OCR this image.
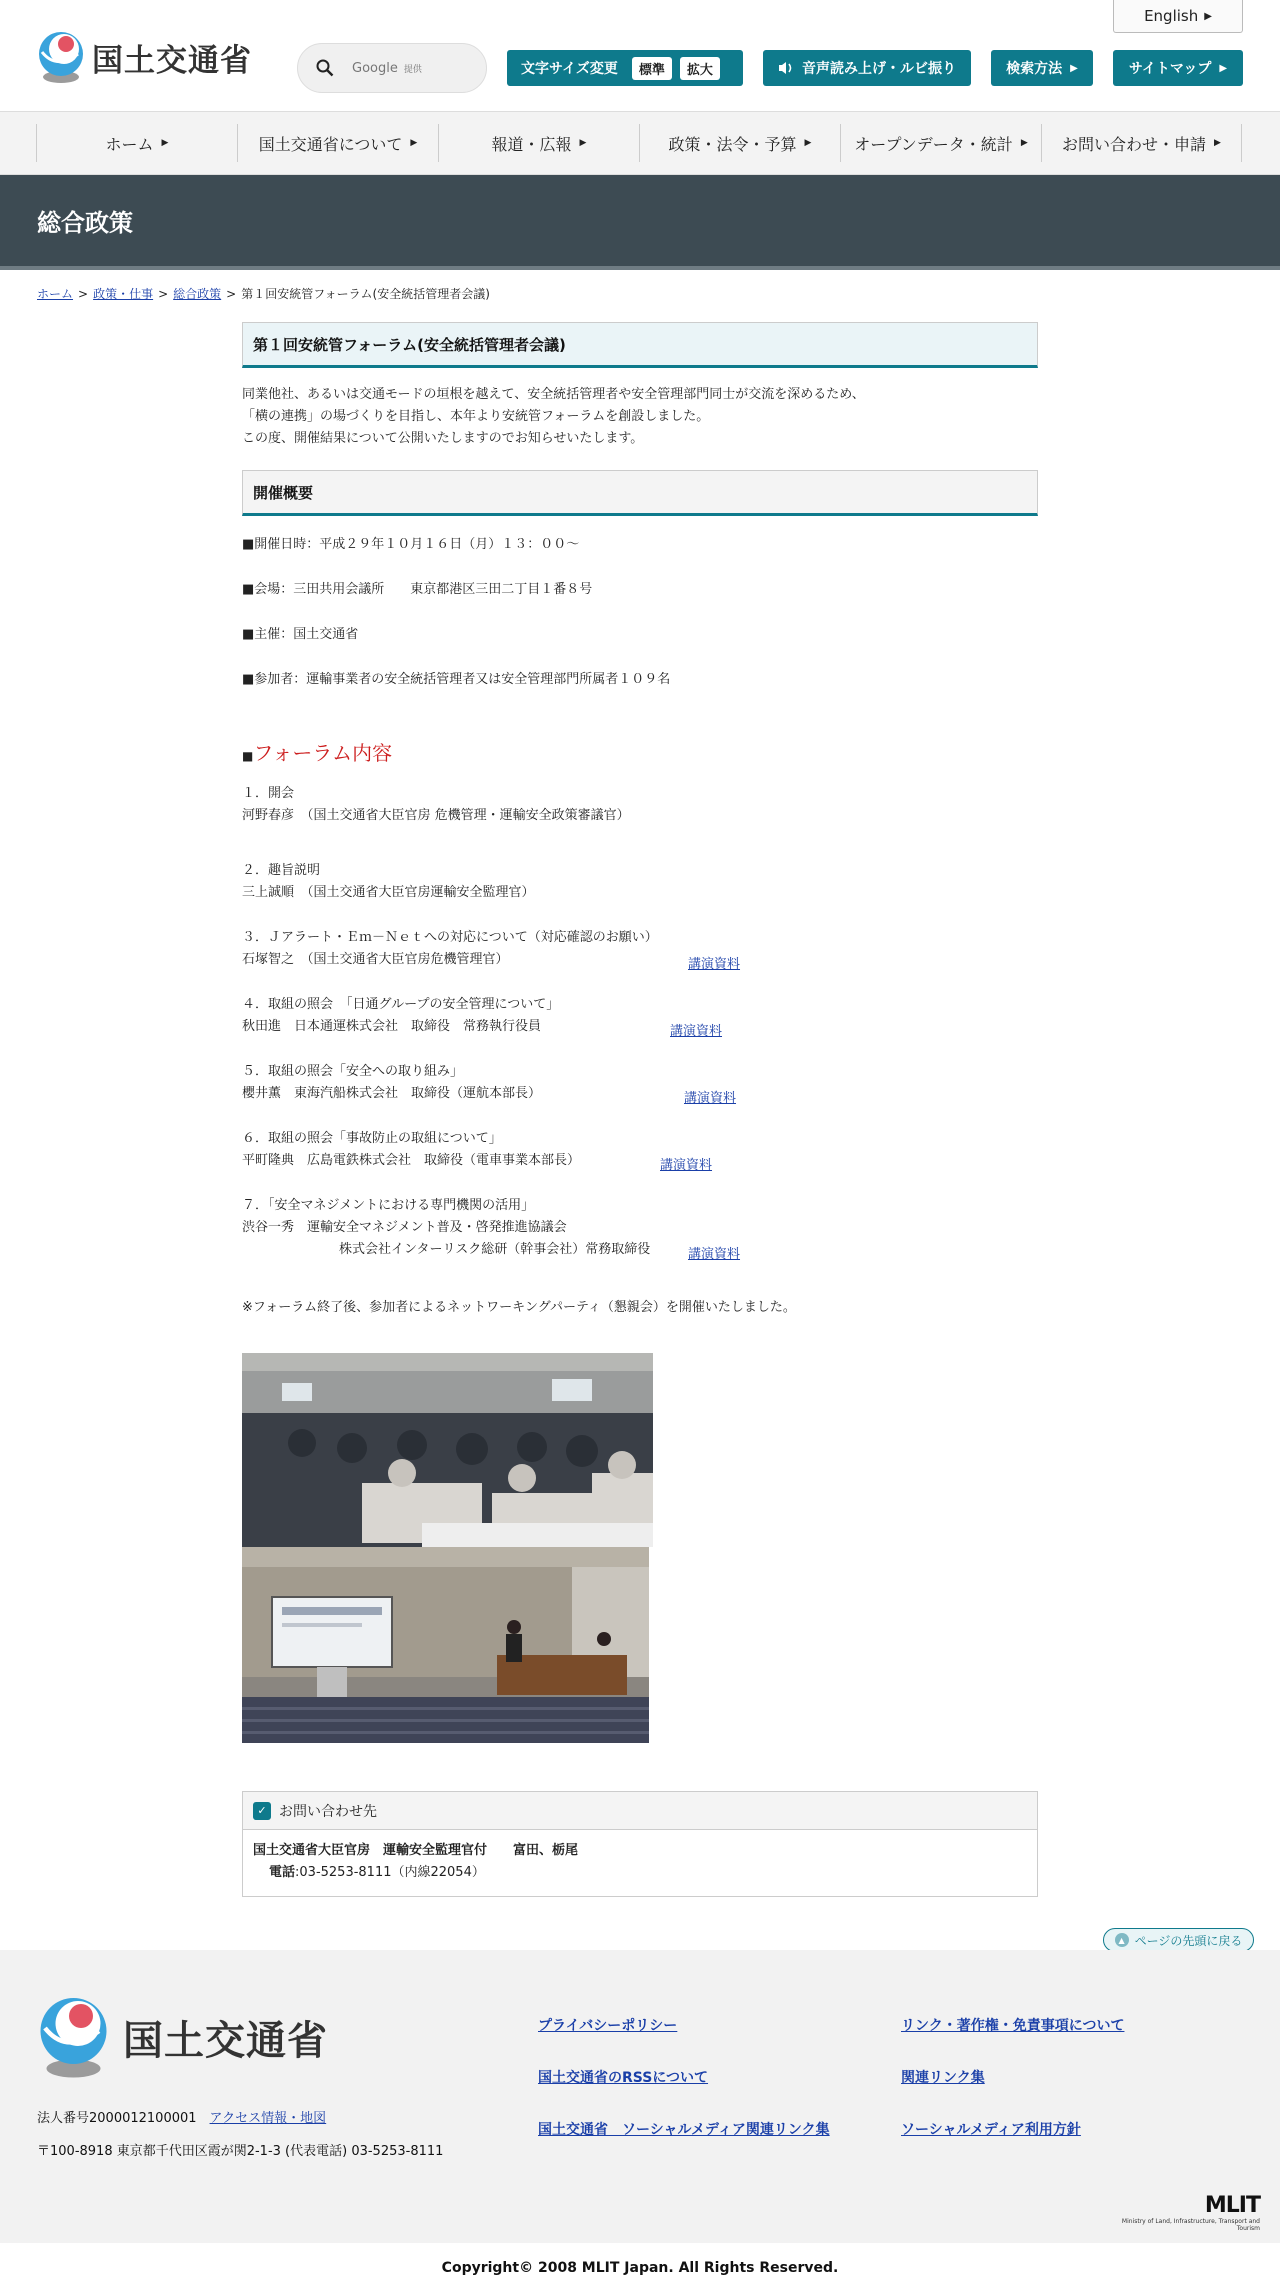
国土交通省
English ▶
Google 提供	文字サイズ変更	標準	拡大	音声読み上げ・ルビ振り	検索方法 ▶	サイトマップ ▶
ホーム ▶	国土交通省について ▶	報道・広報 ▶	政策・法令・予算 ▶	オープンデータ・統計 ▶ お問い合わせ・申請 ▶
総合政策
ホーム > 政策・仕事 > 総合政策 > 第１回安統管フォーラム(安全統括管理者会議)
第１回安統管フォーラム(安全統括管理者会議)
同業他社、あるいは交通モードの垣根を越えて、安全統括管理者や安全管理部門同士が交流を深めるため、
「横の連携」の場づくりを目指し、本年より安統管フォーラムを創設しました。
この度、開催結果について公開いたしますのでお知らせいたします。
開催概要
■開催日時：平成２９年１０月１６日（月）１３：００～
■会場：三田共用会議所　　東京都港区三田二丁目１番８号
■主催：国土交通省
■参加者：運輸事業者の安全統括管理者又は安全管理部門所属者１０９名
■フォーラム内容
１．開会
河野春彦　（国土交通省大臣官房 危機管理・運輸安全政策審議官）
２．趣旨説明
三上誠順　（国土交通省大臣官房運輸安全監理官）
３．Ｊアラート・Ｅｍ－Ｎｅｔへの対応について（対応確認のお願い）
石塚智之　（国土交通省大臣官房危機管理官）	講演資料
４．取組の照会　「日通グループの安全管理について」
秋田進　日本通運株式会社　取締役　常務執行役員	講演資料
５．取組の照会「安全への取り組み」
櫻井薫　東海汽船株式会社　取締役（運航本部長）	講演資料
６．取組の照会「事故防止の取組について」
平町隆典　広島電鉄株式会社　取締役（電車事業本部長）	講演資料
７．「安全マネジメントにおける専門機関の活用」
渋谷一秀　運輸安全マネジメント普及・啓発推進協議会
株式会社インターリスク総研（幹事会社）常務取締役	講演資料
※フォーラム終了後、参加者によるネットワーキングパーティ（懇親会）を開催いたしました。
✓ お問い合わせ先
国土交通省大臣官房　運輸安全監理官付　　富田、栃尾
電話:03-5253-8111（内線22054）
▲ ページの先頭に戻る
国土交通省
法人番号2000012100001　 アクセス情報・地図
〒100-8918 東京都千代田区霞が関2-1-3 (代表電話) 03-5253-8111
プライバシーポリシー	リンク・著作権・免責事項について
国土交通省のRSSについて	関連リンク集
国土交通省　ソーシャルメディア関連リンク集	ソーシャルメディア利用方針
MLIT
Ministry of Land, Infrastructure, Transport and Tourism
Copyright© 2008 MLIT Japan. All Rights Reserved.
